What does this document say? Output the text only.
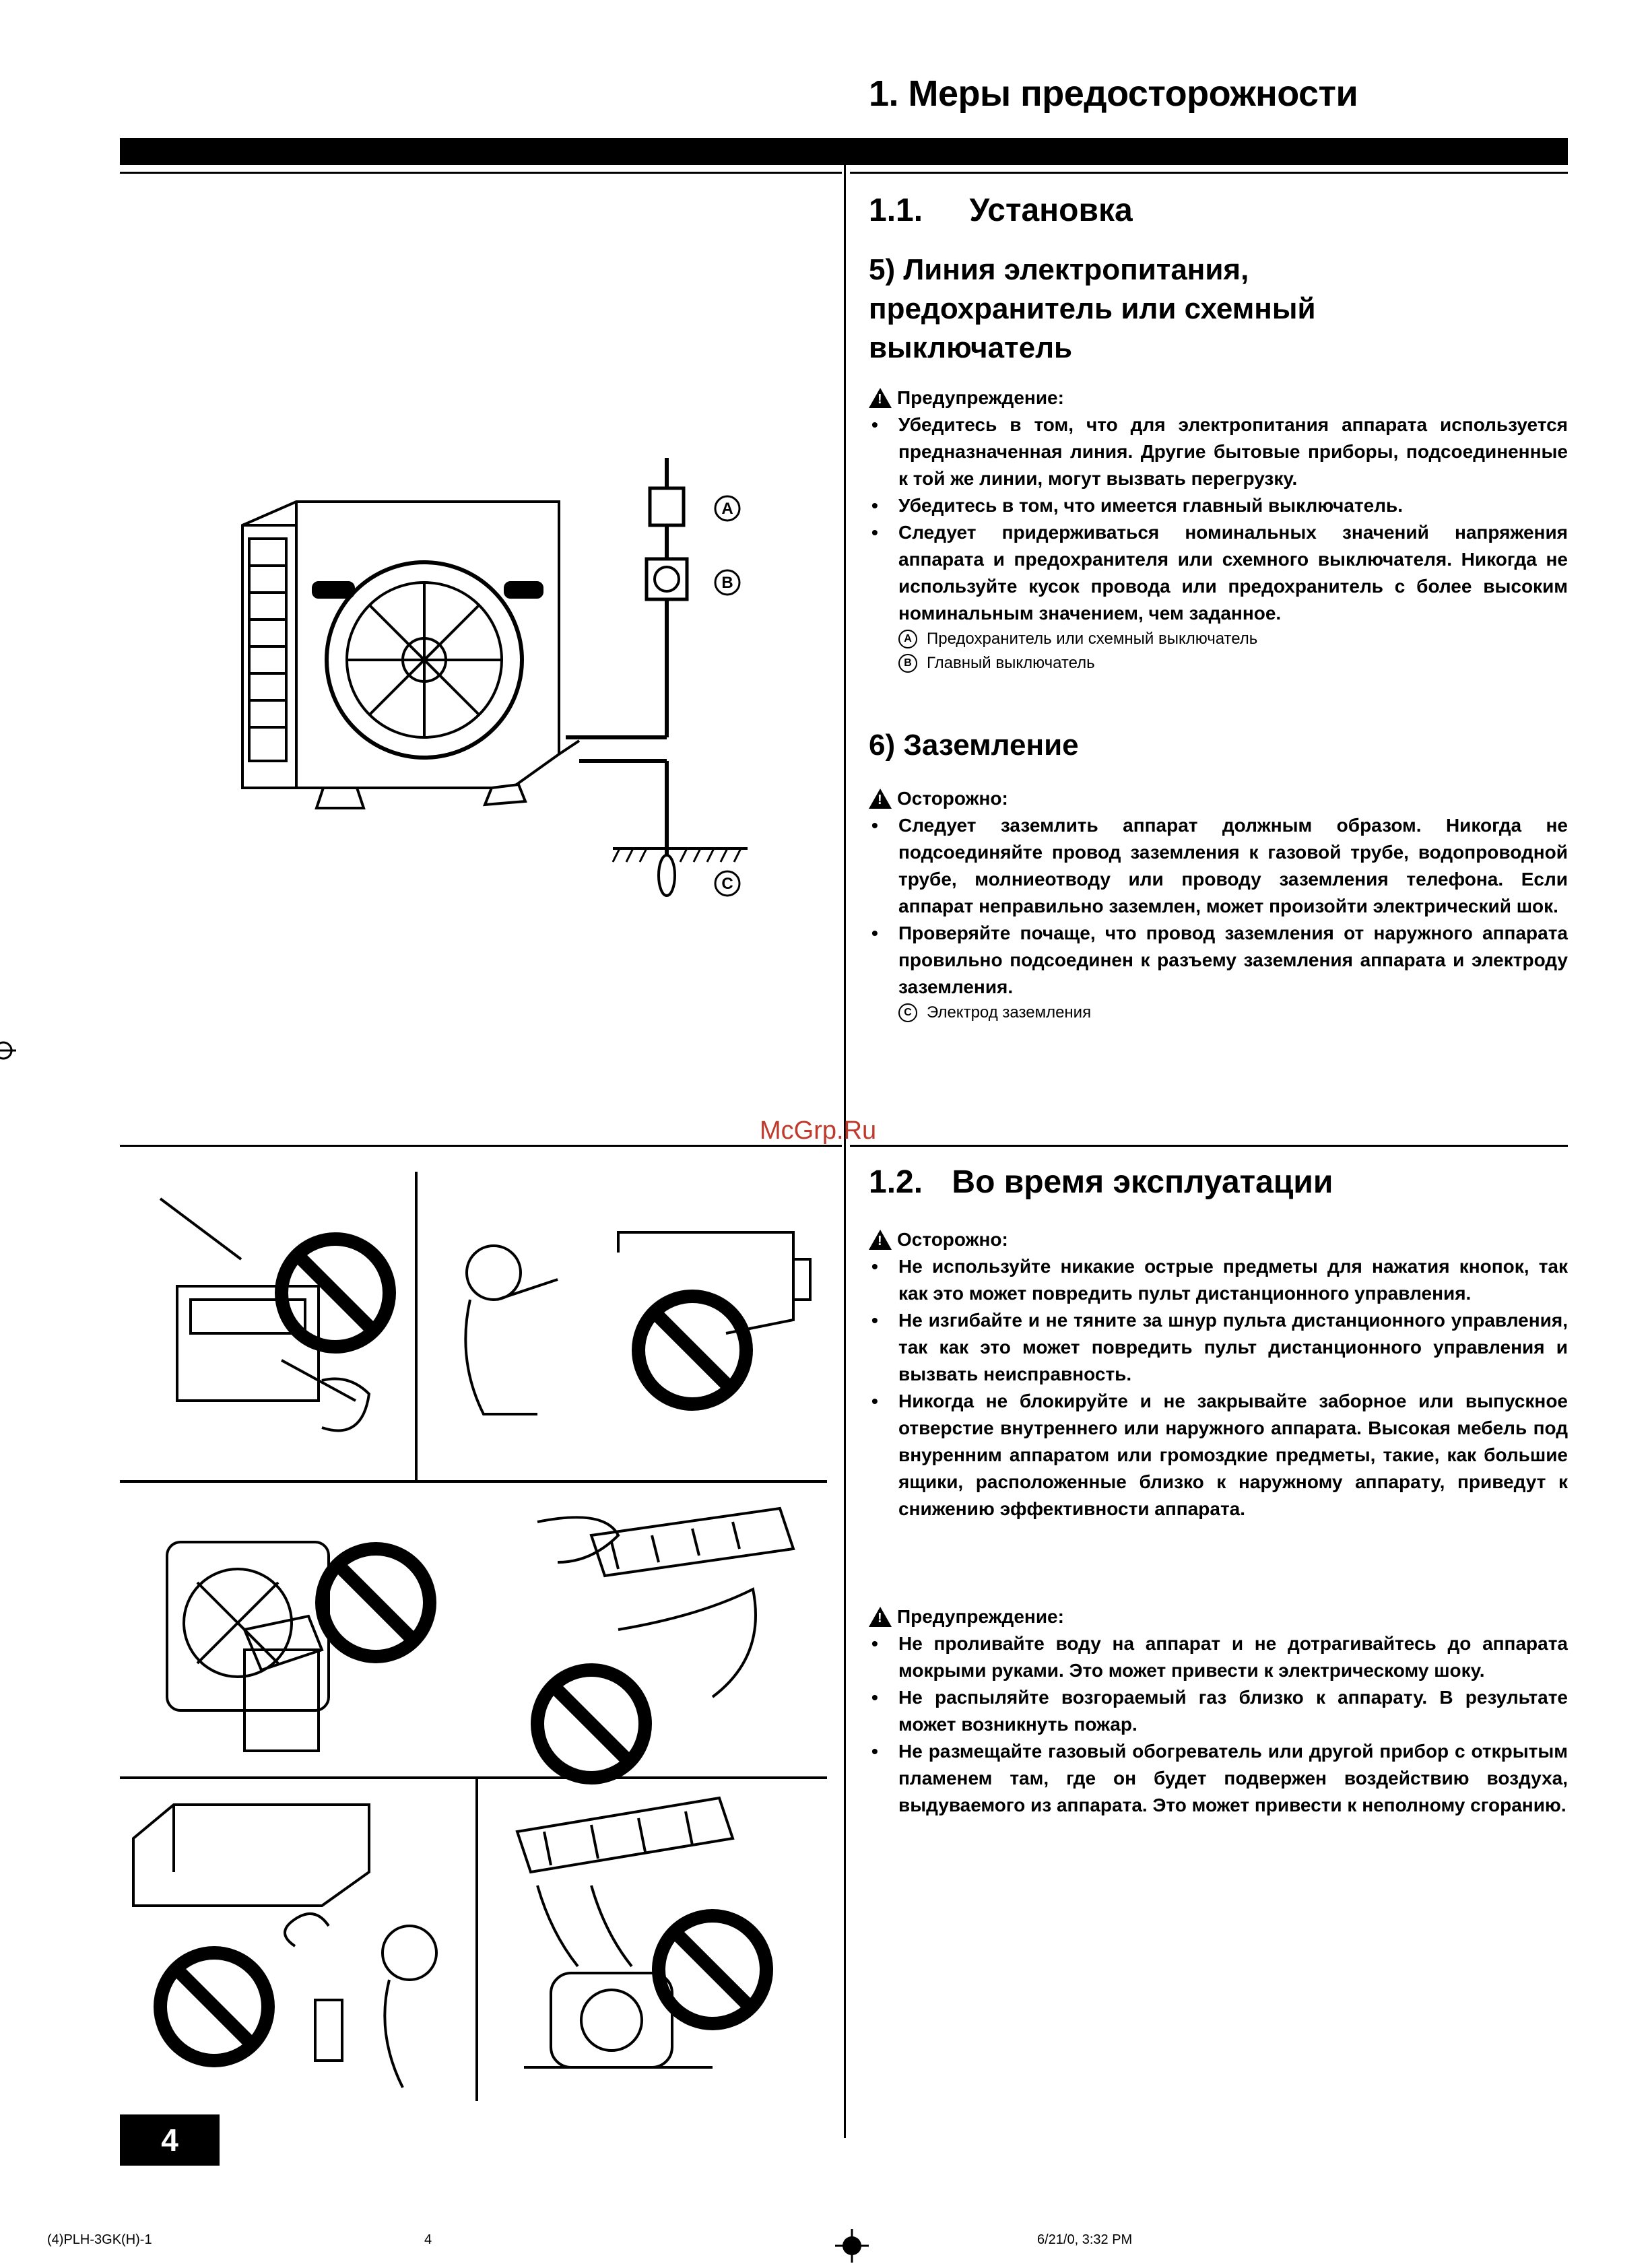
1. Меры предосторожности
McGrp.Ru
1.1. Установка
5) Линия электропитания, предохранитель или схемный выключатель
!
Предупреждение:
• Убедитесь в том, что для электропитания аппарата используется предназначенная линия. Другие бытовые приборы, подсоединенные к той же линии, могут вызвать перегрузку.
• Убедитесь в том, что имеется главный выключатель.
• Следует придерживаться номинальных значений напряжения аппарата и предохранителя или схемного выключателя. Никогда не используйте кусок провода или предохранитель с более высоким номинальным значением, чем заданное.
A Предохранитель или схемный выключатель
B Главный выключатель
6) Заземление
!
Осторожно:
• Следует заземлить аппарат должным образом. Никогда не подсоединяйте провод заземления к газовой трубе, водопроводной трубе, молниеотводу или проводу заземления телефона. Если аппарат неправильно заземлен, может произойти электрический шок.
• Проверяйте почаще, что провод заземления от наружного аппарата провильно подсоединен к разъему заземления аппарата и электроду заземления.
C Электрод заземления
1.2. Во время эксплуатации
!
Осторожно:
• Не используйте никакие острые предметы для нажатия кнопок, так как это может повредить пульт дистанционного управления.
• Не изгибайте и не тяните за шнур пульта дистанционного управления, так как это может повредить пульт дистанционного управления и вызвать неисправность.
• Никогда не блокируйте и не закрывайте заборное или выпускное отверстие внутреннего или наружного аппарата. Высокая мебель под внуренним аппаратом или громоздкие предметы, такие, как большие ящики, расположенные близко к наружному аппарату, приведут к снижению эффективности аппарата.
!
Предупреждение:
• Не проливайте воду на аппарат и не дотрагивайтесь до аппарата мокрыми руками. Это может привести к электрическому шоку.
• Не распыляйте возгораемый газ близко к аппарату. В результате может возникнуть пожар.
• Не размещайте газовый обогреватель или другой прибор с открытым пламенем там, где он будет подвержен воздействию воздуха, выдуваемого из аппарата. Это может привести к неполному сгоранию.
A
B
C
4
(4)PLH-3GK(H)-1	4	6/21/0, 3:32 PM
